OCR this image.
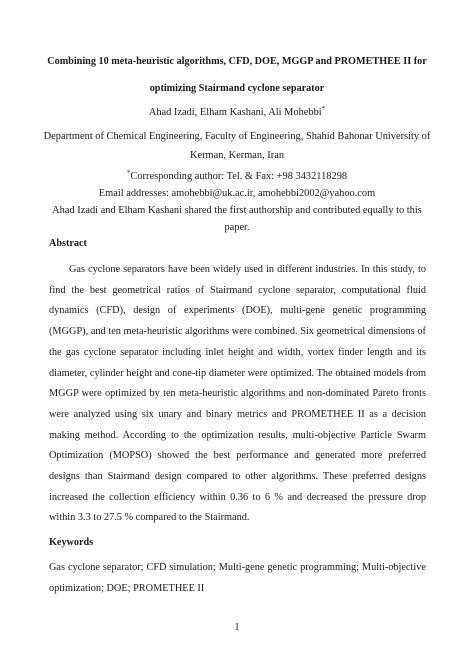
Combining 10 meta-heuristic algorithms, CFD, DOE, MGGP and PROMETHEE II for
optimizing Stairmand cyclone separator
Ahad Izadi, Elham Kashani, Ali Mohebbi*
Department of Chemical Engineering, Faculty of Engineering, Shahid Bahonar University of
Kerman, Kerman, Iran
*Corresponding author: Tel. & Fax: +98 3432118298
Email addresses: amohebbi@uk.ac.ir, amohebbi2002@yahoo.com
Ahad Izadi and Elham Kashani shared the first authorship and contributed equally to this
paper.
Abstract
Gas cyclone separators have been widely used in different industries. In this study, to find the best geometrical ratios of Stairmand cyclone separator, computational fluid dynamics (CFD), design of experiments (DOE), multi-gene genetic programming (MGGP), and ten meta-heuristic algorithms were combined. Six geometrical dimensions of the gas cyclone separator including inlet height and width, vortex finder length and its diameter, cylinder height and cone-tip diameter were optimized. The obtained models from MGGP were optimized by ten meta-heuristic algorithms and non-dominated Pareto fronts were analyzed using six unary and binary metrics and PROMETHEE II as a decision making method. According to the optimization results, multi-objective Particle Swarm Optimization (MOPSO) showed the best performance and generated more preferred designs than Stairmand design compared to other algorithms. These preferred designs increased the collection efficiency within 0.36 to 6 % and decreased the pressure drop within 3.3 to 27.5 % compared to the Stairmand.
Keywords
Gas cyclone separator; CFD simulation; Multi-gene genetic programming; Multi-objective optimization; DOE; PROMETHEE II
1
